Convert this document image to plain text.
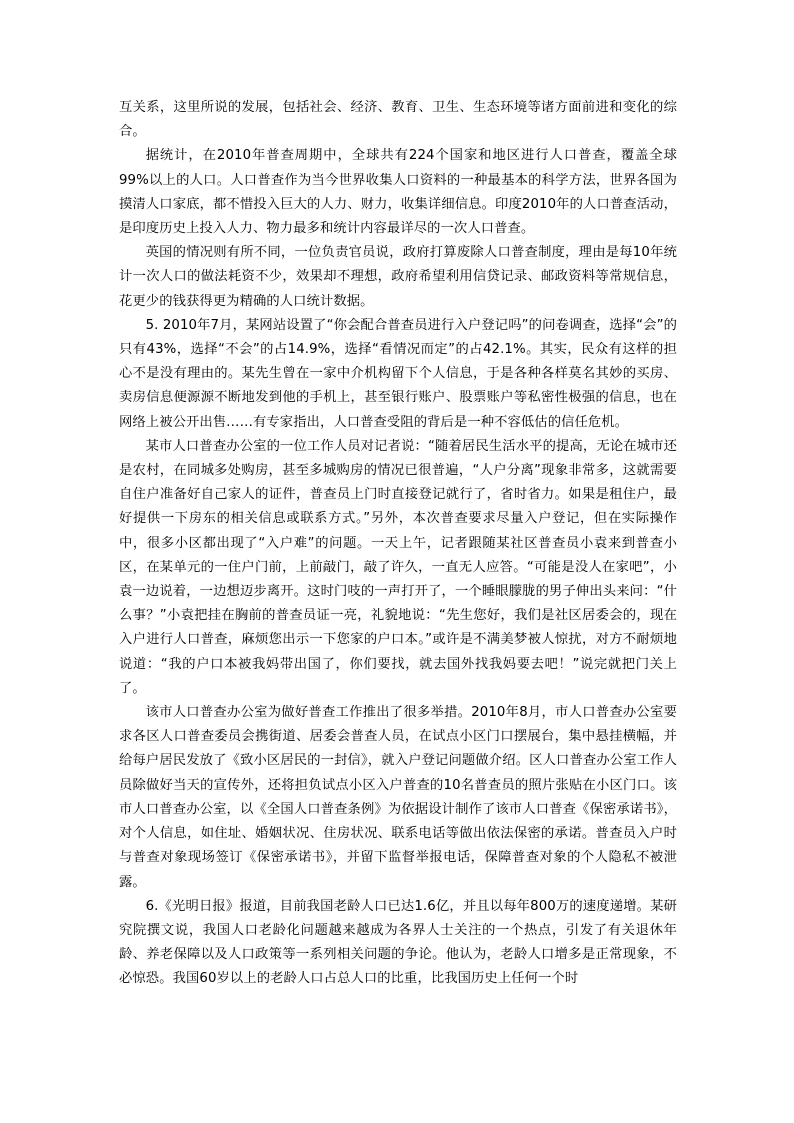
互关系，这里所说的发展，包括社会、经济、教育、卫生、生态环境等诸方面前进和变化的综合。

据统计，在2010年普查周期中，全球共有224个国家和地区进行人口普查，覆盖全球99%以上的人口。人口普查作为当今世界收集人口资料的一种最基本的科学方法，世界各国为摸清人口家底，都不惜投入巨大的人力、财力，收集详细信息。印度2010年的人口普查活动，是印度历史上投入人力、物力最多和统计内容最详尽的一次人口普查。

英国的情况则有所不同，一位负责官员说，政府打算废除人口普查制度，理由是每10年统计一次人口的做法耗资不少，效果却不理想，政府希望利用信贷记录、邮政资料等常规信息，花更少的钱获得更为精确的人口统计数据。

5. 2010年7月，某网站设置了“你会配合普查员进行入户登记吗”的问卷调查，选择“会”的只有43%，选择“不会”的占14.9%，选择“看情况而定”的占42.1%。其实，民众有这样的担心不是没有理由的。某先生曾在一家中介机构留下个人信息，于是各种各样莫名其妙的买房、卖房信息便源源不断地发到他的手机上，甚至银行账户、股票账户等私密性极强的信息，也在网络上被公开出售……有专家指出，人口普查受阻的背后是一种不容低估的信任危机。

某市人口普查办公室的一位工作人员对记者说：“随着居民生活水平的提高，无论在城市还是农村，在同城多处购房，甚至多城购房的情况已很普遍，“人户分离”现象非常多，这就需要自住户准备好自己家人的证件，普查员上门时直接登记就行了，省时省力。如果是租住户，最好提供一下房东的相关信息或联系方式。”另外，本次普查要求尽量入户登记，但在实际操作中，很多小区都出现了“入户难”的问题。一天上午，记者跟随某社区普查员小袁来到普查小区，在某单元的一住户门前，上前敲门，敲了许久，一直无人应答。“可能是没人在家吧”，小袁一边说着，一边想迈步离开。这时门吱的一声打开了，一个睡眼朦胧的男子伸出头来问：“什么事？”小袁把挂在胸前的普查员证一亮，礼貌地说：“先生您好，我们是社区居委会的，现在入户进行人口普查，麻烦您出示一下您家的户口本。”或许是不满美梦被人惊扰，对方不耐烦地说道：“我的户口本被我妈带出国了，你们要找，就去国外找我妈要去吧！”说完就把门关上了。

该市人口普查办公室为做好普查工作推出了很多举措。2010年8月，市人口普查办公室要求各区人口普查委员会携街道、居委会普查人员，在试点小区门口摆展台，集中悬挂横幅，并给每户居民发放了《致小区居民的一封信》，就入户登记问题做介绍。区人口普查办公室工作人员除做好当天的宣传外，还将担负试点小区入户普查的10名普查员的照片张贴在小区门口。该市人口普查办公室，以《全国人口普查条例》为依据设计制作了该市人口普查《保密承诺书》，对个人信息，如住址、婚姻状况、住房状况、联系电话等做出依法保密的承诺。普查员入户时与普查对象现场签订《保密承诺书》，并留下监督举报电话，保障普查对象的个人隐私不被泄露。

6.《光明日报》报道，目前我国老龄人口已达1.6亿，并且以每年800万的速度递增。某研究院撰文说，我国人口老龄化问题越来越成为各界人士关注的一个热点，引发了有关退休年龄、养老保障以及人口政策等一系列相关问题的争论。他认为，老龄人口增多是正常现象，不必惊恐。我国60岁以上的老龄人口占总人口的比重，比我国历史上任何一个时
